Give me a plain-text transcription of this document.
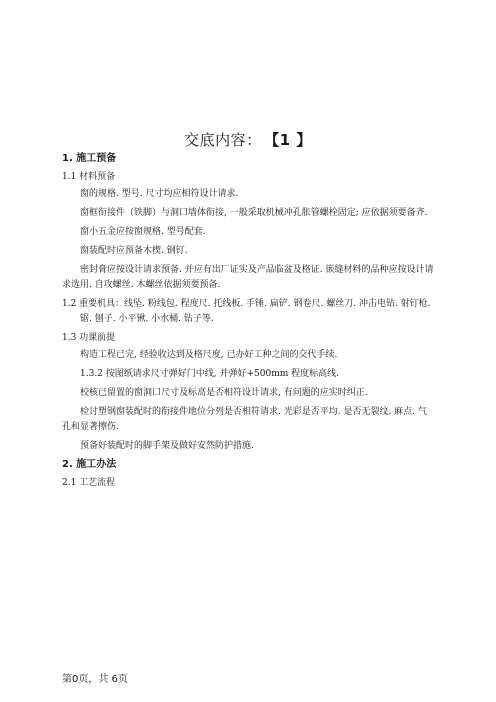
交底内容： 【1 】
1. 施工预备
1.1 材料预备
窗的规格. 型号. 尺寸均应相符设计请求.
窗框衔接件（铁脚）与洞口墙体衔接, 一般采取机械冲孔胀管螺栓固定; 应依据须要备齐.
窗小五金应按窗规格. 型号配套.
窗装配时应预备木楔. 钢钉.
密封膏应按设计请求预备. 并应有出厂证实及产品临盆及格证. 嵌缝材料的品种应按设计请求选用. 自攻螺丝. 木螺丝依据须要预备.
1.2 重要机具：线坠. 粉线包. 程度尺. 托线板. 手锤. 扁铲. 钢卷尺. 螺丝刀. 冲击电钻. 射钉枪. 锯. 刨子. 小平锹. 小水桶. 钻子等.
1.3 功课前提
构造工程已完, 经验收达到及格尺度, 已办好工种之间的交代手续.
1.3.2 按图纸请求尺寸弹好门中线, 并弹好+500mm 程度标高线.
校核已留置的窗洞口尺寸及标高是否相符设计请求, 有问题的应实时纠正.
检讨塑钢窗装配时的衔接件地位分列是否相符请求. 光彩是否平均. 是否无裂纹. 麻点. 气孔和显著擦伤.
预备好装配时的脚手架及做好安然防护措施.
2. 施工办法
2.1 工艺流程
第0页，共 6页
